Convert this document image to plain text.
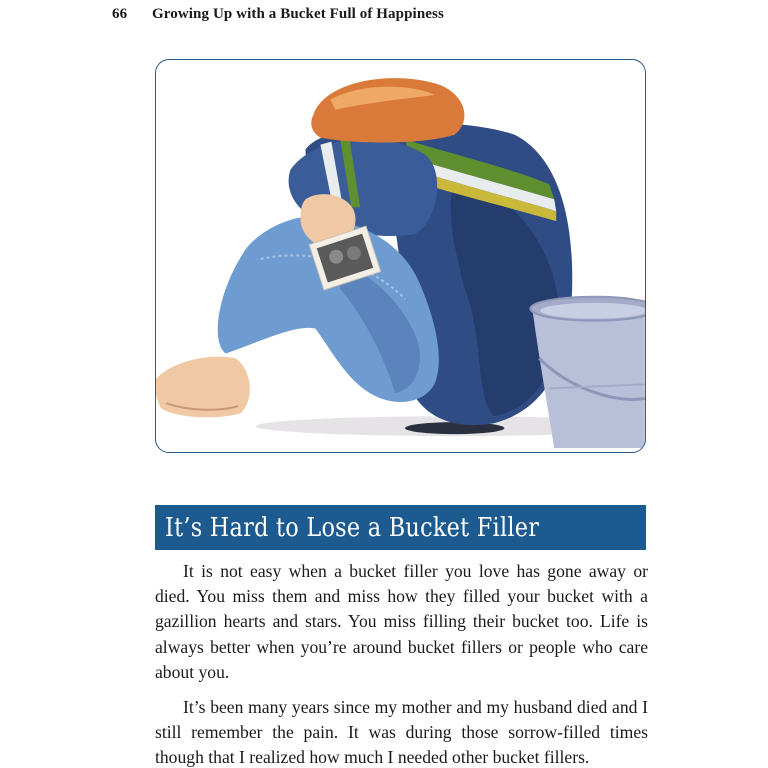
66 Growing Up with a Bucket Full of Happiness
It’s Hard to Lose a Bucket Filler

It is not easy when a bucket filler you love has gone away or died. You miss them and miss how they filled your bucket with a gazillion hearts and stars. You miss filling their bucket too. Life is always better when you’re around bucket fillers or people who care about you.

It’s been many years since my mother and my husband died and I still remember the pain. It was during those sorrow-filled times though that I realized how much I needed other bucket fillers.
